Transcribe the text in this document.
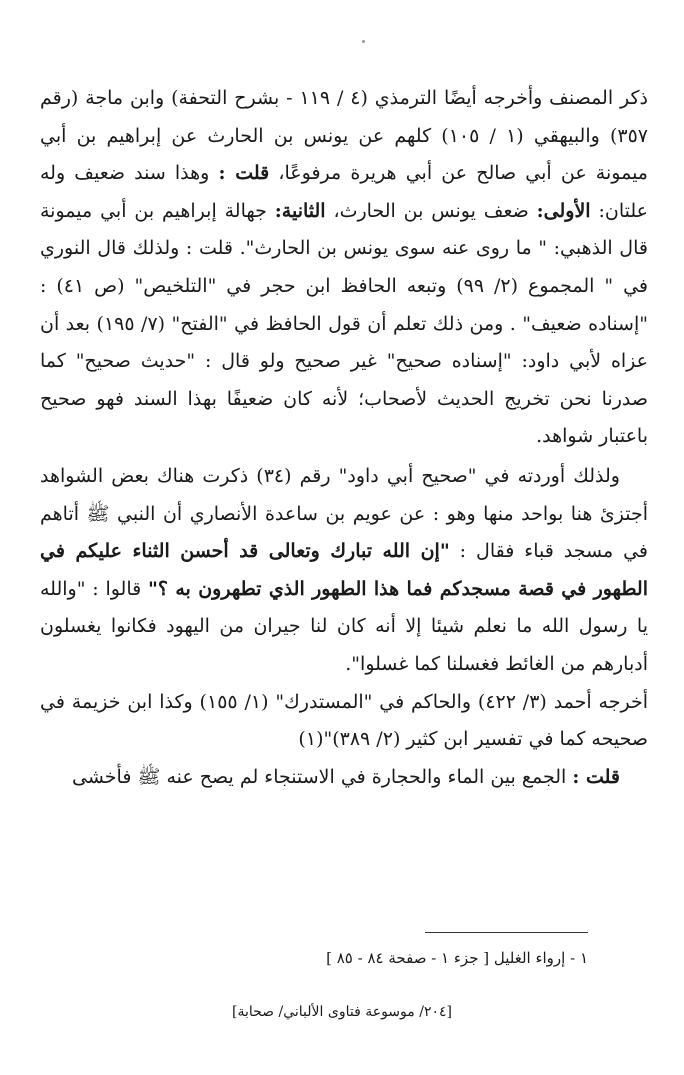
ذكر المصنف وأخرجه أيضًا الترمذي (٤ / ١١٩ - بشرح التحفة) وابن ماجة (رقم ٣٥٧) والبيهقي (١ / ١٠٥) كلهم عن يونس بن الحارث عن إبراهيم بن أبي ميمونة عن أبي صالح عن أبي هريرة مرفوعًا، قلت : وهذا سند ضعيف وله علتان: الأولى: ضعف يونس بن الحارث، الثانية: جهالة إبراهيم بن أبي ميمونة قال الذهبي: " ما روى عنه سوى يونس بن الحارث". قلت : ولذلك قال النوري في " المجموع (٢/ ٩٩) وتبعه الحافظ ابن حجر في "التلخيص" (ص ٤١) : "إسناده ضعيف" . ومن ذلك تعلم أن قول الحافظ في "الفتح" (٧/ ١٩٥) بعد أن عزاه لأبي داود: "إسناده صحيح" غير صحيح ولو قال : "حديث صحيح" كما صدرنا نحن تخريج الحديث لأصحاب؛ لأنه كان ضعيفًا بهذا السند فهو صحيح باعتبار شواهد.

ولذلك أوردته في "صحيح أبي داود" رقم (٣٤) ذكرت هناك بعض الشواهد أجتزئ هنا بواحد منها وهو : عن عويم بن ساعدة الأنصاري أن النبي ﷺ أتاهم في مسجد قباء فقال : "إن الله تبارك وتعالى قد أحسن الثناء عليكم في الطهور في قصة مسجدكم فما هذا الطهور الذي تطهرون به ؟" قالوا : "والله يا رسول الله ما نعلم شيئا إلا أنه كان لنا جيران من اليهود فكانوا يغسلون أدبارهم من الغائط فغسلنا كما غسلوا".

أخرجه أحمد (٣/ ٤٢٢) والحاكم في "المستدرك" (١/ ١٥٥) وكذا ابن خزيمة في صحيحه كما في تفسير ابن كثير (٢/ ٣٨٩)"(١)

قلت : الجمع بين الماء والحجارة في الاستنجاء لم يصح عنه ﷺ فأخشى

١ - إرواء الغليل [ جزء ١ - صفحة ٨٤ - ٨٥ ]
[٢٠٤/ موسوعة فتاوى الألباني/ صحابة]
